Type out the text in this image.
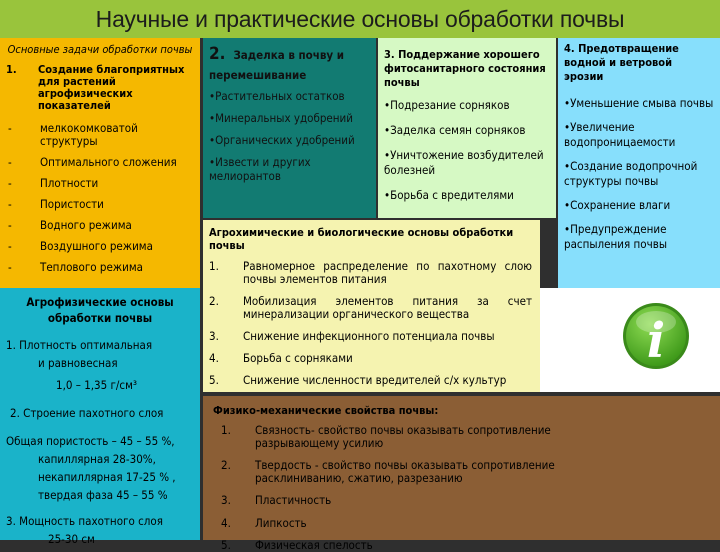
Научные и практические основы обработки почвы
Основные задачи обработки почвы
1.	Создание благоприятных для растений агрофизических показателей
-	мелкокомковатой структуры
-	Оптимального сложения
-	Плотности
-	Пористости
-	Водного режима
-	Воздушного режима
-	Теплового режима
Агрофизические основы обработки почвы
1. Плотность оптимальная
и равновесная
1,0 – 1,35 г/см³
2. Строение пахотного слоя
Общая пористость – 45 – 55 %,
капиллярная 28-30%,
некапиллярная 17-25 % ,
твердая фаза 45 – 55 %
3. Мощность пахотного слоя
25-30 см
2. Заделка в почву и перемешивание
•Растительных остатков
•Минеральных удобрений
•Органических удобрений
•Извести и других мелиорантов
3. Поддержание хорошего фитосанитарного состояния почвы
•Подрезание сорняков
•Заделка семян сорняков
•Уничтожение возбудителей болезней
•Борьба с вредителями
4. Предотвращение водной и ветровой эрозии
•Уменьшение смыва почвы
•Увеличение водопроницаемости
•Создание водопрочной структуры почвы
•Сохранение влаги
•Предупреждение распыления почвы
Агрохимические и биологические основы обработки почвы
1.	Равномерное распределение по пахотному слою почвы элементов питания
2.	Мобилизация элементов питания за счет минерализации органического вещества
3.	Снижение инфекционного потенциала почвы
4.	Борьба с сорняками
5.	Снижение численности вредителей с/х культур
i
Физико-механические свойства почвы:
1.	Связность- свойство почвы оказывать сопротивление разрывающему усилию
2.	Твердость - свойство почвы оказывать сопротивление расклиниванию, сжатию, разрезанию
3.	Пластичность
4.	Липкость
5.	Физическая спелость
